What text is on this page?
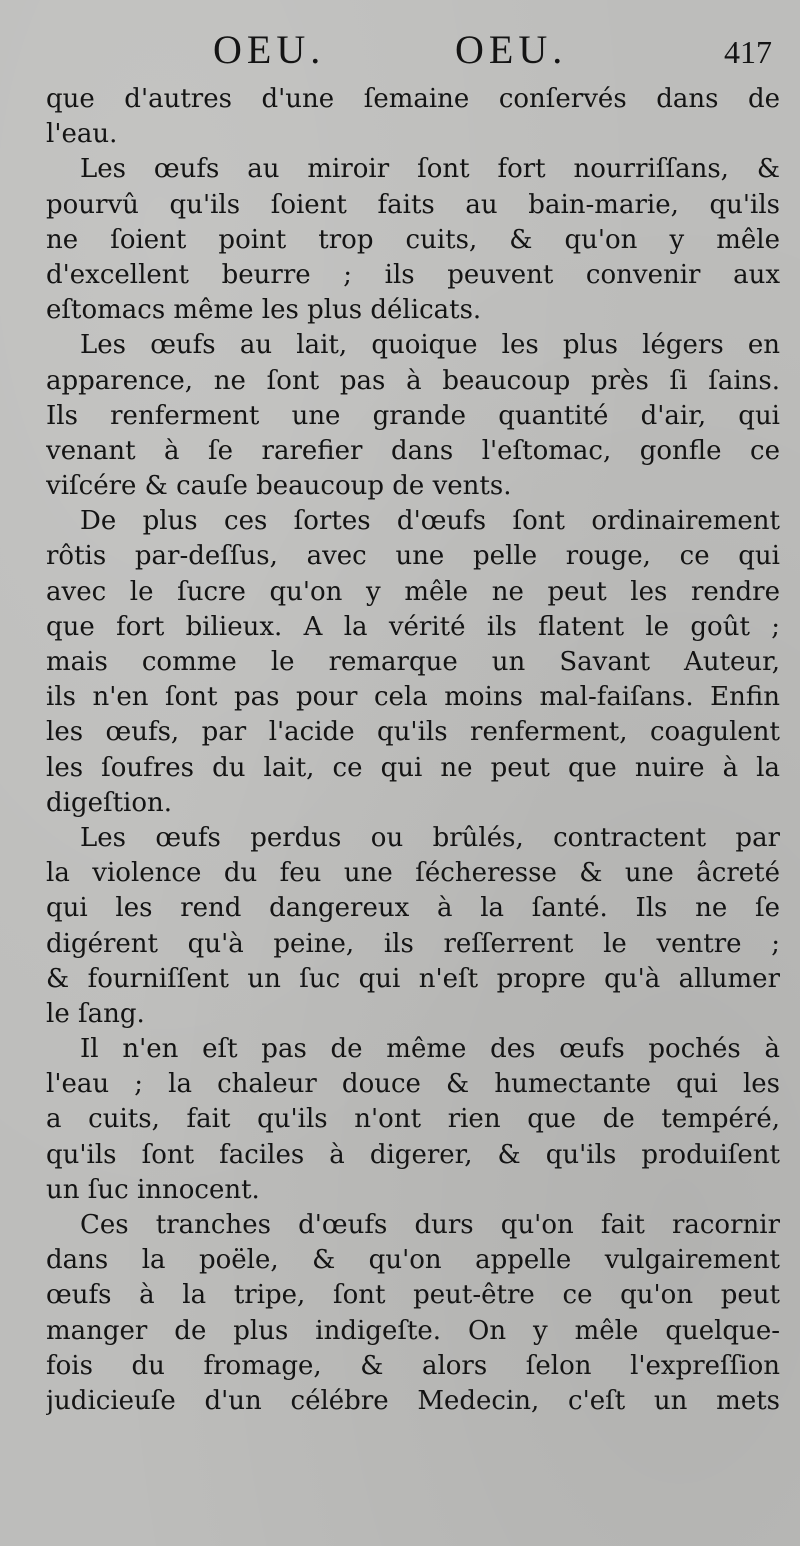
OEU.	OEU.	417
que d'autres d'une ſemaine conſervés dans de
l'eau.
Les œufs au miroir ſont fort nourriſſans, &
pourvû qu'ils ſoient faits au bain-marie, qu'ils
ne ſoient point trop cuits, & qu'on y mêle
d'excellent beurre ; ils peuvent convenir aux
eſtomacs même les plus délicats.
Les œufs au lait, quoique les plus légers en
apparence, ne ſont pas à beaucoup près ſi ſains.
Ils renferment une grande quantité d'air, qui
venant à ſe rarefier dans l'eſtomac, gonfle ce
viſcére & cauſe beaucoup de vents.
De plus ces ſortes d'œufs ſont ordinairement
rôtis par-deſſus, avec une pelle rouge, ce qui
avec le ſucre qu'on y mêle ne peut les rendre
que fort bilieux. A la vérité ils flatent le goût ;
mais comme le remarque un Savant Auteur,
ils n'en ſont pas pour cela moins mal-faiſans. Enfin
les œufs, par l'acide qu'ils renferment, coagulent
les ſoufres du lait, ce qui ne peut que nuire à la
digeſtion.
Les œufs perdus ou brûlés, contractent par
la violence du feu une ſécheresse & une âcreté
qui les rend dangereux à la ſanté. Ils ne ſe
digérent qu'à peine, ils reſſerrent le ventre ;
& fourniſſent un ſuc qui n'eſt propre qu'à allumer
le ſang.
Il n'en eſt pas de même des œufs pochés à
l'eau ; la chaleur douce & humectante qui les
a cuits, fait qu'ils n'ont rien que de tempéré,
qu'ils ſont faciles à digerer, & qu'ils produiſent
un ſuc innocent.
Ces tranches d'œufs durs qu'on fait racornir
dans la poële, & qu'on appelle vulgairement
œufs à la tripe, ſont peut-être ce qu'on peut
manger de plus indigeſte. On y mêle quelque-
fois du fromage, & alors ſelon l'expreſſion
judicieuſe d'un célébre Medecin, c'eſt un mets
